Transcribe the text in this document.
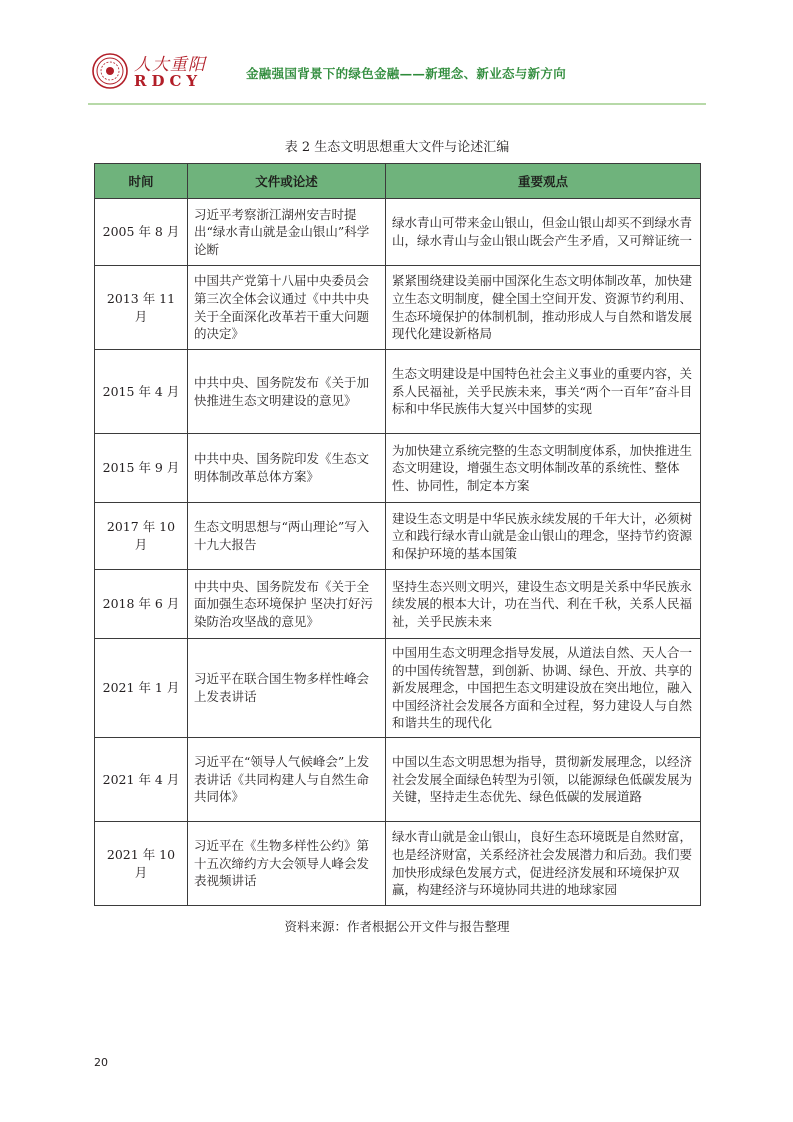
人大重阳
RDCY	金融强国背景下的绿色金融——新理念、新业态与新方向
表 2 生态文明思想重大文件与论述汇编
时间	文件或论述	重要观点
2005 年 8 月	习近平考察浙江湖州安吉时提出“绿水青山就是金山银山”科学论断	绿水青山可带来金山银山，但金山银山却买不到绿水青山，绿水青山与金山银山既会产生矛盾，又可辩证统一
2013 年 11 月	中国共产党第十八届中央委员会第三次全体会议通过《中共中央关于全面深化改革若干重大问题的决定》	紧紧围绕建设美丽中国深化生态文明体制改革，加快建立生态文明制度，健全国土空间开发、资源节约利用、生态环境保护的体制机制，推动形成人与自然和谐发展现代化建设新格局
2015 年 4 月	中共中央、国务院发布《关于加快推进生态文明建设的意见》	生态文明建设是中国特色社会主义事业的重要内容，关系人民福祉，关乎民族未来，事关“两个一百年”奋斗目标和中华民族伟大复兴中国梦的实现
2015 年 9 月	中共中央、国务院印发《生态文明体制改革总体方案》	为加快建立系统完整的生态文明制度体系，加快推进生态文明建设，增强生态文明体制改革的系统性、整体性、协同性，制定本方案
2017 年 10 月	生态文明思想与“两山理论”写入十九大报告	建设生态文明是中华民族永续发展的千年大计，必须树立和践行绿水青山就是金山银山的理念，坚持节约资源和保护环境的基本国策
2018 年 6 月	中共中央、国务院发布《关于全面加强生态环境保护 坚决打好污染防治攻坚战的意见》	坚持生态兴则文明兴，建设生态文明是关系中华民族永续发展的根本大计，功在当代、利在千秋，关系人民福祉，关乎民族未来
2021 年 1 月	习近平在联合国生物多样性峰会上发表讲话	中国用生态文明理念指导发展，从道法自然、天人合一的中国传统智慧，到创新、协调、绿色、开放、共享的新发展理念，中国把生态文明建设放在突出地位，融入中国经济社会发展各方面和全过程，努力建设人与自然和谐共生的现代化
2021 年 4 月	习近平在“领导人气候峰会”上发表讲话《共同构建人与自然生命共同体》	中国以生态文明思想为指导，贯彻新发展理念，以经济社会发展全面绿色转型为引领，以能源绿色低碳发展为关键，坚持走生态优先、绿色低碳的发展道路
2021 年 10 月	习近平在《生物多样性公约》第十五次缔约方大会领导人峰会发表视频讲话	绿水青山就是金山银山，良好生态环境既是自然财富，也是经济财富，关系经济社会发展潜力和后劲。我们要加快形成绿色发展方式，促进经济发展和环境保护双赢，构建经济与环境协同共进的地球家园
资料来源：作者根据公开文件与报告整理
20
